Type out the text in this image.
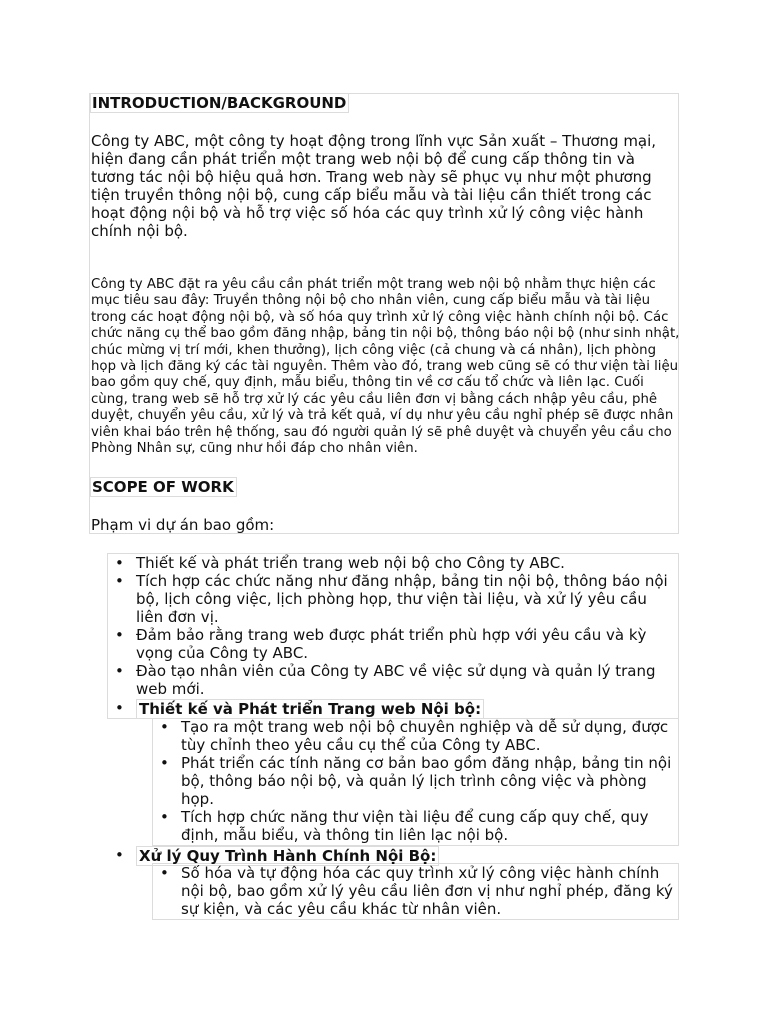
INTRODUCTION/BACKGROUND

Công ty ABC, một công ty hoạt động trong lĩnh vực Sản xuất – Thương mại, hiện đang cần phát triển một trang web nội bộ để cung cấp thông tin và tương tác nội bộ hiệu quả hơn. Trang web này sẽ phục vụ như một phương tiện truyền thông nội bộ, cung cấp biểu mẫu và tài liệu cần thiết trong các hoạt động nội bộ và hỗ trợ việc số hóa các quy trình xử lý công việc hành chính nội bộ.

Công ty ABC đặt ra yêu cầu cần phát triển một trang web nội bộ nhằm thực hiện các mục tiêu sau đây: Truyền thông nội bộ cho nhân viên, cung cấp biểu mẫu và tài liệu trong các hoạt động nội bộ, và số hóa quy trình xử lý công việc hành chính nội bộ. Các chức năng cụ thể bao gồm đăng nhập, bảng tin nội bộ, thông báo nội bộ (như sinh nhật, chúc mừng vị trí mới, khen thưởng), lịch công việc (cả chung và cá nhân), lịch phòng họp và lịch đăng ký các tài nguyên. Thêm vào đó, trang web cũng sẽ có thư viện tài liệu bao gồm quy chế, quy định, mẫu biểu, thông tin về cơ cấu tổ chức và liên lạc. Cuối cùng, trang web sẽ hỗ trợ xử lý các yêu cầu liên đơn vị bằng cách nhập yêu cầu, phê duyệt, chuyển yêu cầu, xử lý và trả kết quả, ví dụ như yêu cầu nghỉ phép sẽ được nhân viên khai báo trên hệ thống, sau đó người quản lý sẽ phê duyệt và chuyển yêu cầu cho Phòng Nhân sự, cũng như hồi đáp cho nhân viên.

SCOPE OF WORK

Phạm vi dự án bao gồm:

• Thiết kế và phát triển trang web nội bộ cho Công ty ABC.
• Tích hợp các chức năng như đăng nhập, bảng tin nội bộ, thông báo nội bộ, lịch công việc, lịch phòng họp, thư viện tài liệu, và xử lý yêu cầu liên đơn vị.
• Đảm bảo rằng trang web được phát triển phù hợp với yêu cầu và kỳ vọng của Công ty ABC.
• Đào tạo nhân viên của Công ty ABC về việc sử dụng và quản lý trang web mới.
• Thiết kế và Phát triển Trang web Nội bộ:
• Tạo ra một trang web nội bộ chuyên nghiệp và dễ sử dụng, được tùy chỉnh theo yêu cầu cụ thể của Công ty ABC.
• Phát triển các tính năng cơ bản bao gồm đăng nhập, bảng tin nội bộ, thông báo nội bộ, và quản lý lịch trình công việc và phòng họp.
• Tích hợp chức năng thư viện tài liệu để cung cấp quy chế, quy định, mẫu biểu, và thông tin liên lạc nội bộ.
• Xử lý Quy Trình Hành Chính Nội Bộ:
• Số hóa và tự động hóa các quy trình xử lý công việc hành chính nội bộ, bao gồm xử lý yêu cầu liên đơn vị như nghỉ phép, đăng ký sự kiện, và các yêu cầu khác từ nhân viên.
